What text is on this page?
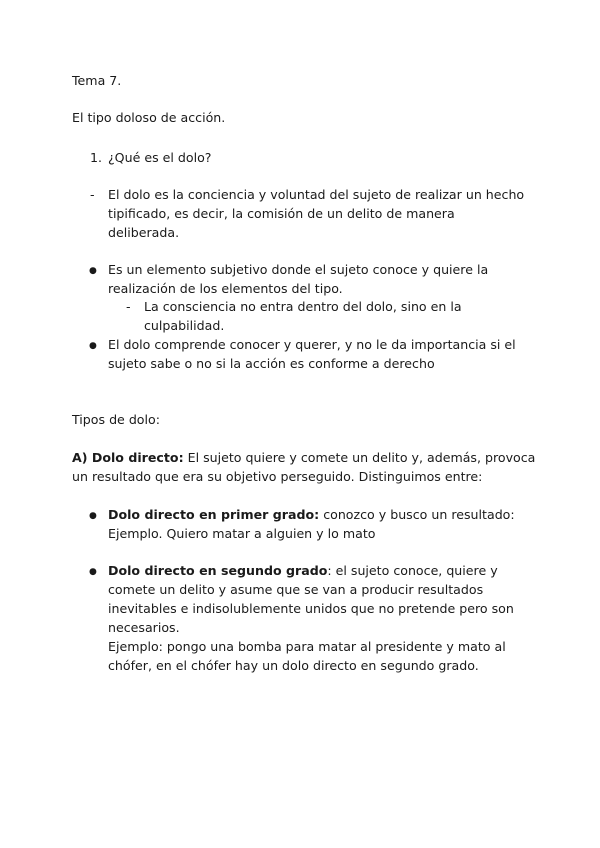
Tema 7.
El tipo doloso de acción.
1. ¿Qué es el dolo?
- El dolo es la conciencia y voluntad del sujeto de realizar un hecho
tipificado, es decir, la comisión de un delito de manera
deliberada.
● Es un elemento subjetivo donde el sujeto conoce y quiere la
realización de los elementos del tipo.
- La consciencia no entra dentro del dolo, sino en la
culpabilidad.
● El dolo comprende conocer y querer, y no le da importancia si el
sujeto sabe o no si la acción es conforme a derecho
Tipos de dolo:
A) Dolo directo: El sujeto quiere y comete un delito y, además, provoca
un resultado que era su objetivo perseguido. Distinguimos entre:
● Dolo directo en primer grado: conozco y busco un resultado:
Ejemplo. Quiero matar a alguien y lo mato
● Dolo directo en segundo grado: el sujeto conoce, quiere y
comete un delito y asume que se van a producir resultados
inevitables e indisolublemente unidos que no pretende pero son
necesarios.
Ejemplo: pongo una bomba para matar al presidente y mato al
chófer, en el chófer hay un dolo directo en segundo grado.
